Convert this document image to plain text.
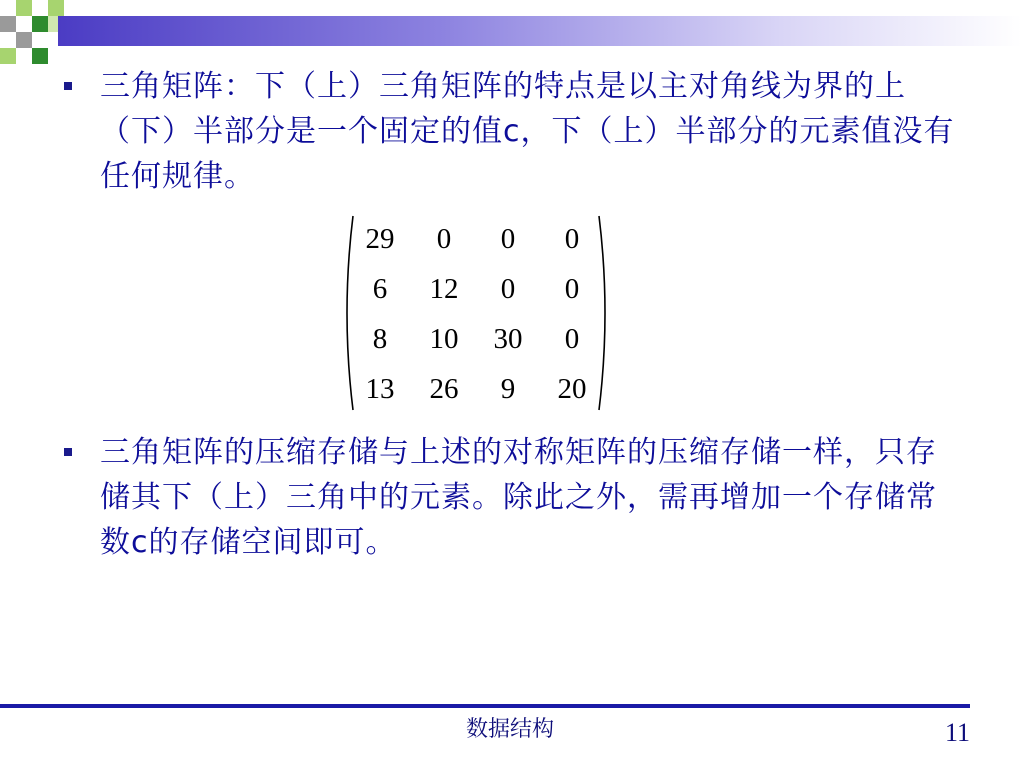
三角矩阵：下（上）三角矩阵的特点是以主对角线为界的上（下）半部分是一个固定的值c，下（上）半部分的元素值没有任何规律。
29	0	0	0
6	12	0	0
8	10	30	0
13	26	9	20
三角矩阵的压缩存储与上述的对称矩阵的压缩存储一样，只存储其下（上）三角中的元素。除此之外，需再增加一个存储常数c的存储空间即可。
数据结构	11
